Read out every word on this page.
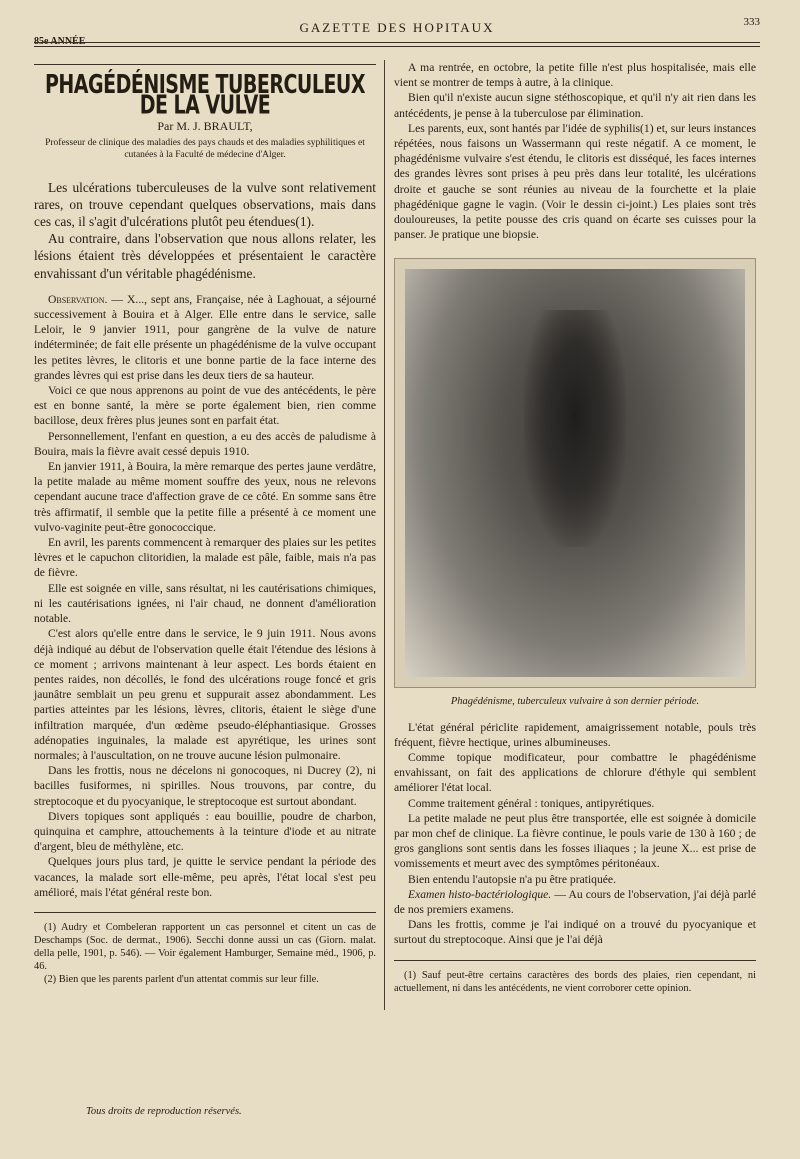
85e ANNÉE
GAZETTE DES HOPITAUX	333
PHAGÉDÉNISME TUBERCULEUX DE LA VULVE
Par M. J. BRAULT,
Professeur de clinique des maladies des pays chauds et des maladies syphilitiques et cutanées à la Faculté de médecine d'Alger.

Les ulcérations tuberculeuses de la vulve sont relativement rares, on trouve cependant quelques observations, mais dans ces cas, il s'agit d'ulcérations plutôt peu étendues(1).

Au contraire, dans l'observation que nous allons relater, les lésions étaient très développées et présentaient le caractère envahissant d'un véritable phagédénisme.

Observation. — X..., sept ans, Française, née à Laghouat, a séjourné successivement à Bouira et à Alger. Elle entre dans le service, salle Leloir, le 9 janvier 1911, pour gangrène de la vulve de nature indéterminée; de fait elle présente un phagédénisme de la vulve occupant les petites lèvres, le clitoris et une bonne partie de la face interne des grandes lèvres qui est prise dans les deux tiers de sa hauteur.

Voici ce que nous apprenons au point de vue des antécédents, le père est en bonne santé, la mère se porte également bien, rien comme bacillose, deux frères plus jeunes sont en parfait état.

Personnellement, l'enfant en question, a eu des accès de paludisme à Bouira, mais la fièvre avait cessé depuis 1910.

En janvier 1911, à Bouira, la mère remarque des pertes jaune verdâtre, la petite malade au même moment souffre des yeux, nous ne relevons cependant aucune trace d'affection grave de ce côté. En somme sans être très affirmatif, il semble que la petite fille a présenté à ce moment une vulvo-vaginite peut-être gonococcique.

En avril, les parents commencent à remarquer des plaies sur les petites lèvres et le capuchon clitoridien, la malade est pâle, faible, mais n'a pas de fièvre.

Elle est soignée en ville, sans résultat, ni les cautérisations chimiques, ni les cautérisations ignées, ni l'air chaud, ne donnent d'amélioration notable.

C'est alors qu'elle entre dans le service, le 9 juin 1911. Nous avons déjà indiqué au début de l'observation quelle était l'étendue des lésions à ce moment ; arrivons maintenant à leur aspect. Les bords étaient en pentes raides, non décollés, le fond des ulcérations rouge foncé et gris jaunâtre semblait un peu grenu et suppurait assez abondamment. Les parties atteintes par les lésions, lèvres, clitoris, étaient le siège d'une infiltration marquée, d'un œdème pseudo-éléphantiasique. Grosses adénopaties inguinales, la malade est apyrétique, les urines sont normales; à l'auscultation, on ne trouve aucune lésion pulmonaire.

Dans les frottis, nous ne décelons ni gonocoques, ni Ducrey (2), ni bacilles fusiformes, ni spirilles. Nous trouvons, par contre, du streptocoque et du pyocyanique, le streptocoque est surtout abondant.

Divers topiques sont appliqués : eau bouillie, poudre de charbon, quinquina et camphre, attouchements à la teinture d'iode et au nitrate d'argent, bleu de méthylène, etc.

Quelques jours plus tard, je quitte le service pendant la période des vacances, la malade sort elle-même, peu après, l'état local s'est peu amélioré, mais l'état général reste bon.

(1) Audry et Combeleran rapportent un cas personnel et citent un cas de Deschamps (Soc. de dermat., 1906). Secchi donne aussi un cas (Giorn. malat. della pelle, 1901, p. 546). — Voir également Hamburger, Semaine méd., 1906, p. 46.

(2) Bien que les parents parlent d'un attentat commis sur leur fille.

A ma rentrée, en octobre, la petite fille n'est plus hospitalisée, mais elle vient se montrer de temps à autre, à la clinique.

Bien qu'il n'existe aucun signe stéthoscopique, et qu'il n'y ait rien dans les antécédents, je pense à la tuberculose par élimination.

Les parents, eux, sont hantés par l'idée de syphilis(1) et, sur leurs instances répétées, nous faisons un Wassermann qui reste négatif. A ce moment, le phagédénisme vulvaire s'est étendu, le clitoris est disséqué, les faces internes des grandes lèvres sont prises à peu près dans leur totalité, les ulcérations droite et gauche se sont réunies au niveau de la fourchette et la plaie phagédénique gagne le vagin. (Voir le dessin ci-joint.) Les plaies sont très douloureuses, la petite pousse des cris quand on écarte ses cuisses pour la panser. Je pratique une biopsie.

Phagédénisme, tuberculeux vulvaire à son dernier période.

L'état général périclite rapidement, amaigrissement notable, pouls très fréquent, fièvre hectique, urines albumineuses.

Comme topique modificateur, pour combattre le phagédénisme envahissant, on fait des applications de chlorure d'éthyle qui semblent améliorer l'état local.

Comme traitement général : toniques, antipyrétiques.

La petite malade ne peut plus être transportée, elle est soignée à domicile par mon chef de clinique. La fièvre continue, le pouls varie de 130 à 160 ; de gros ganglions sont sentis dans les fosses iliaques ; la jeune X... est prise de vomissements et meurt avec des symptômes péritonéaux.

Bien entendu l'autopsie n'a pu être pratiquée.

Examen histo-bactériologique. — Au cours de l'observation, j'ai déjà parlé de nos premiers examens.

Dans les frottis, comme je l'ai indiqué on a trouvé du pyocyanique et surtout du streptocoque. Ainsi que je l'ai déjà

(1) Sauf peut-être certains caractères des bords des plaies, rien cependant, ni actuellement, ni dans les antécédents, ne vient corroborer cette opinion.

Tous droits de reproduction réservés.
